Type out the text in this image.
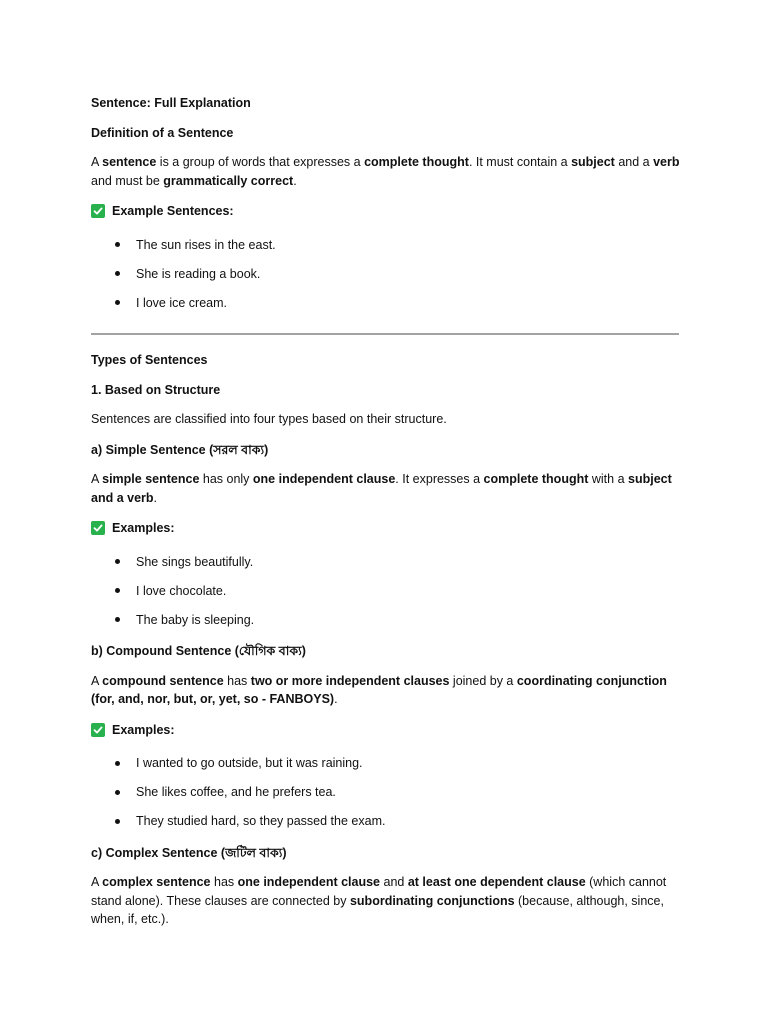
Sentence: Full Explanation

Definition of a Sentence

A sentence is a group of words that expresses a complete thought. It must contain a subject and a verb and must be grammatically correct.

Example Sentences:
The sun rises in the east.
She is reading a book.
I love ice cream.

Types of Sentences

1. Based on Structure

Sentences are classified into four types based on their structure.

a) Simple Sentence (সরল বাক্য)

A simple sentence has only one independent clause. It expresses a complete thought with a subject and a verb.

Examples:
She sings beautifully.
I love chocolate.
The baby is sleeping.

b) Compound Sentence (যৌগিক বাক্য)

A compound sentence has two or more independent clauses joined by a coordinating conjunction (for, and, nor, but, or, yet, so - FANBOYS).

Examples:
I wanted to go outside, but it was raining.
She likes coffee, and he prefers tea.
They studied hard, so they passed the exam.

c) Complex Sentence (জটিল বাক্য)

A complex sentence has one independent clause and at least one dependent clause (which cannot stand alone). These clauses are connected by subordinating conjunctions (because, although, since, when, if, etc.).
